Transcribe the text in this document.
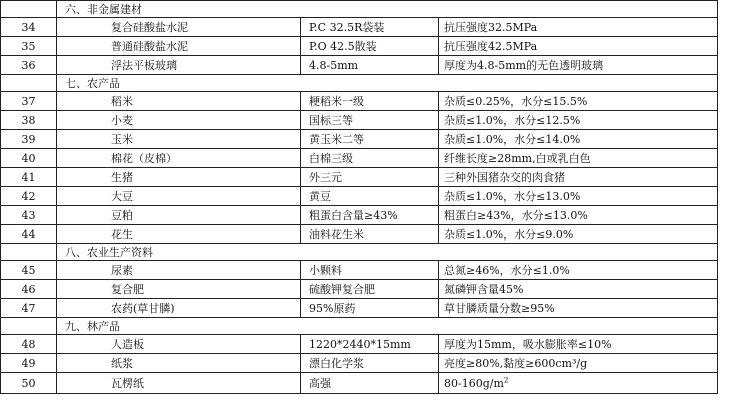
	六、非金属建材		
34	复合硅酸盐水泥	P.C 32.5R袋装	抗压强度32.5MPa
35	普通硅酸盐水泥	P.O 42.5散装	抗压强度42.5MPa
36	浮法平板玻璃	4.8-5mm	厚度为4.8-5mm的无色透明玻璃
	七、农产品		
37	稻米	粳稻米一级	杂质≤0.25%，水分≤15.5%
38	小麦	国标三等	杂质≤1.0%，水分≤12.5%
39	玉米	黄玉米二等	杂质≤1.0%，水分≤14.0%
40	棉花（皮棉）	白棉三级	纤维长度≥28mm,白或乳白色
41	生猪	外三元	三种外国猪杂交的肉食猪
42	大豆	黄豆	杂质≤1.0%，水分≤13.0%
43	豆粕	粗蛋白含量≥43%	粗蛋白≥43%，水分≤13.0%
44	花生	油料花生米	杂质≤1.0%，水分≤9.0%
	八、农业生产资料		
45	尿素	小颗料	总氮≥46%，水分≤1.0%
46	复合肥	硫酸钾复合肥	氮磷钾含量45%
47	农药(草甘膦)	95%原药	草甘膦质量分数≥95%
	九、林产品		
48	人造板	1220*2440*15mm	厚度为15mm，吸水膨胀率≤10%
49	纸浆	漂白化学浆	亮度≥80%,黏度≥600cm³/g
50	瓦楞纸	高强	$80-160g/m^2$
